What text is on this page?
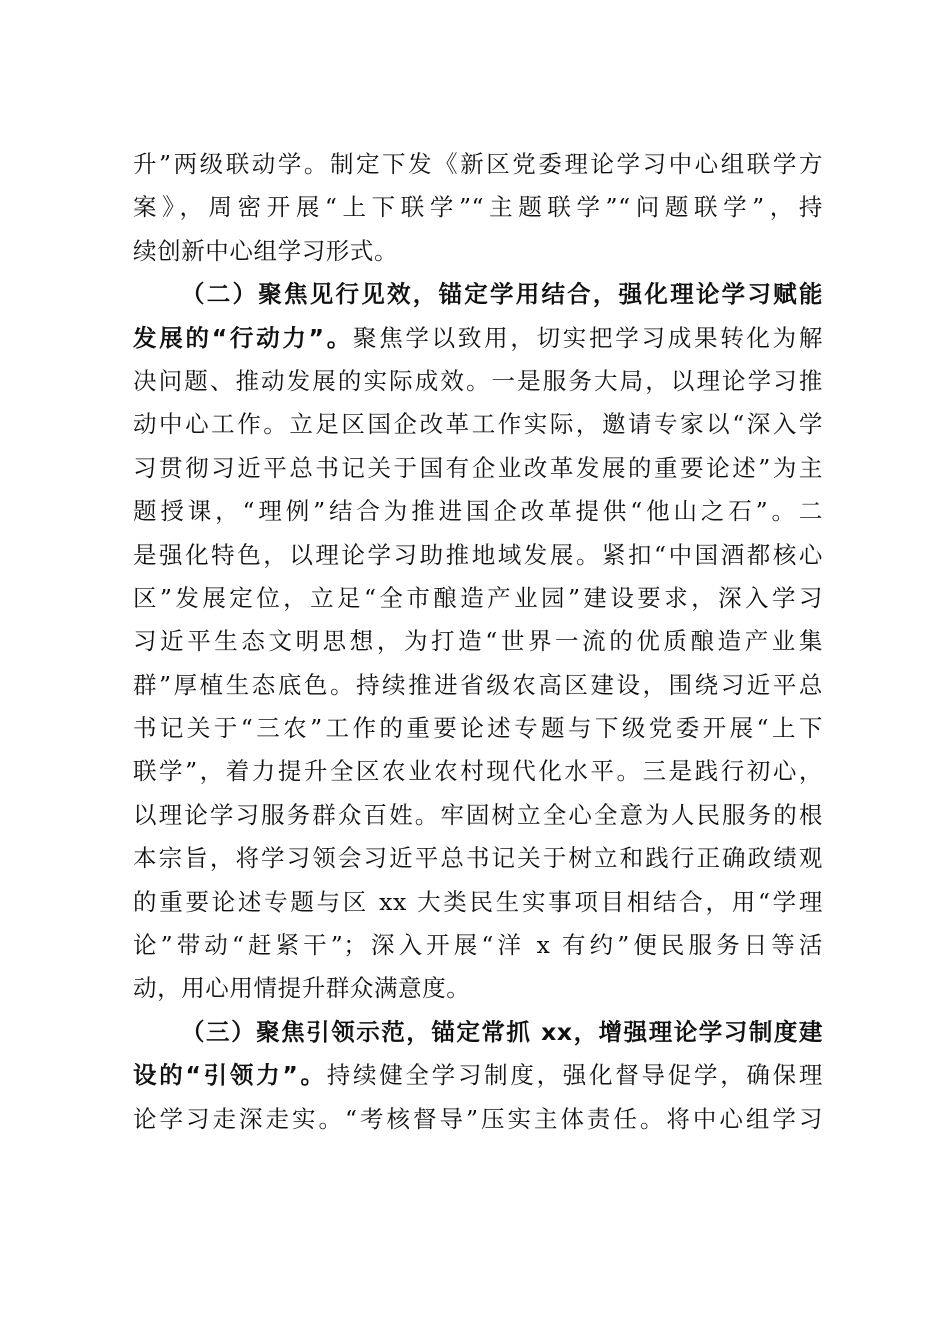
升”两级联动学。制定下发《新区党委理论学习中心组联学方
案》，周密开展“上下联学”“主题联学”“问题联学”，持
续创新中心组学习形式。
（二）聚焦见行见效，锚定学用结合，强化理论学习赋能
发展的“行动力”。聚焦学以致用，切实把学习成果转化为解
决问题、推动发展的实际成效。一是服务大局，以理论学习推
动中心工作。立足区国企改革工作实际，邀请专家以“深入学
习贯彻习近平总书记关于国有企业改革发展的重要论述”为主
题授课，“理例”结合为推进国企改革提供“他山之石”。二
是强化特色，以理论学习助推地域发展。紧扣“中国酒都核心
区”发展定位，立足“全市酿造产业园”建设要求，深入学习
习近平生态文明思想，为打造“世界一流的优质酿造产业集
群”厚植生态底色。持续推进省级农高区建设，围绕习近平总
书记关于“三农”工作的重要论述专题与下级党委开展“上下
联学”，着力提升全区农业农村现代化水平。三是践行初心，
以理论学习服务群众百姓。牢固树立全心全意为人民服务的根
本宗旨，将学习领会习近平总书记关于树立和践行正确政绩观
的重要论述专题与区 xx 大类民生实事项目相结合，用“学理
论”带动“赶紧干”；深入开展“洋 x 有约”便民服务日等活
动，用心用情提升群众满意度。
（三）聚焦引领示范，锚定常抓 xx，增强理论学习制度建
设的“引领力”。持续健全学习制度，强化督导促学，确保理
论学习走深走实。“考核督导”压实主体责任。将中心组学习
